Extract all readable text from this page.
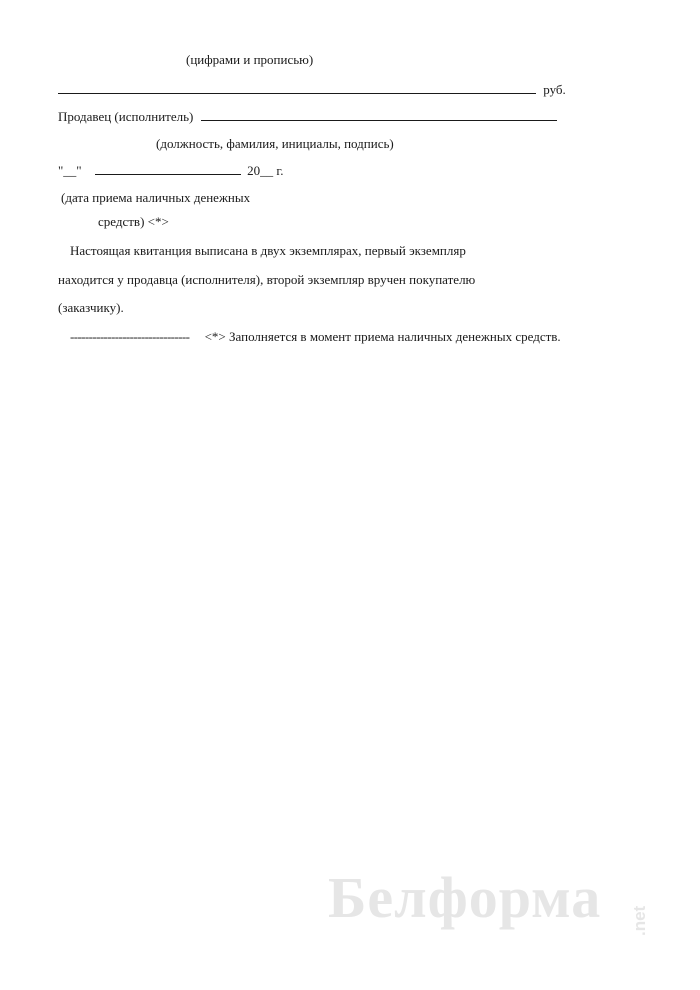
(цифрами и прописью)
руб.
Продавец (исполнитель)
(должность, фамилия, инициалы, подпись)
"__"	20__ г.
(дата приема наличных денежных
средств) <*>
Настоящая квитанция выписана в двух экземплярах, первый экземпляр
находится у продавца (исполнителя), второй экземпляр вручен покупателю
(заказчику).
-------------------------------- <*> Заполняется в момент приема наличных денежных средств.
Белформа .net
